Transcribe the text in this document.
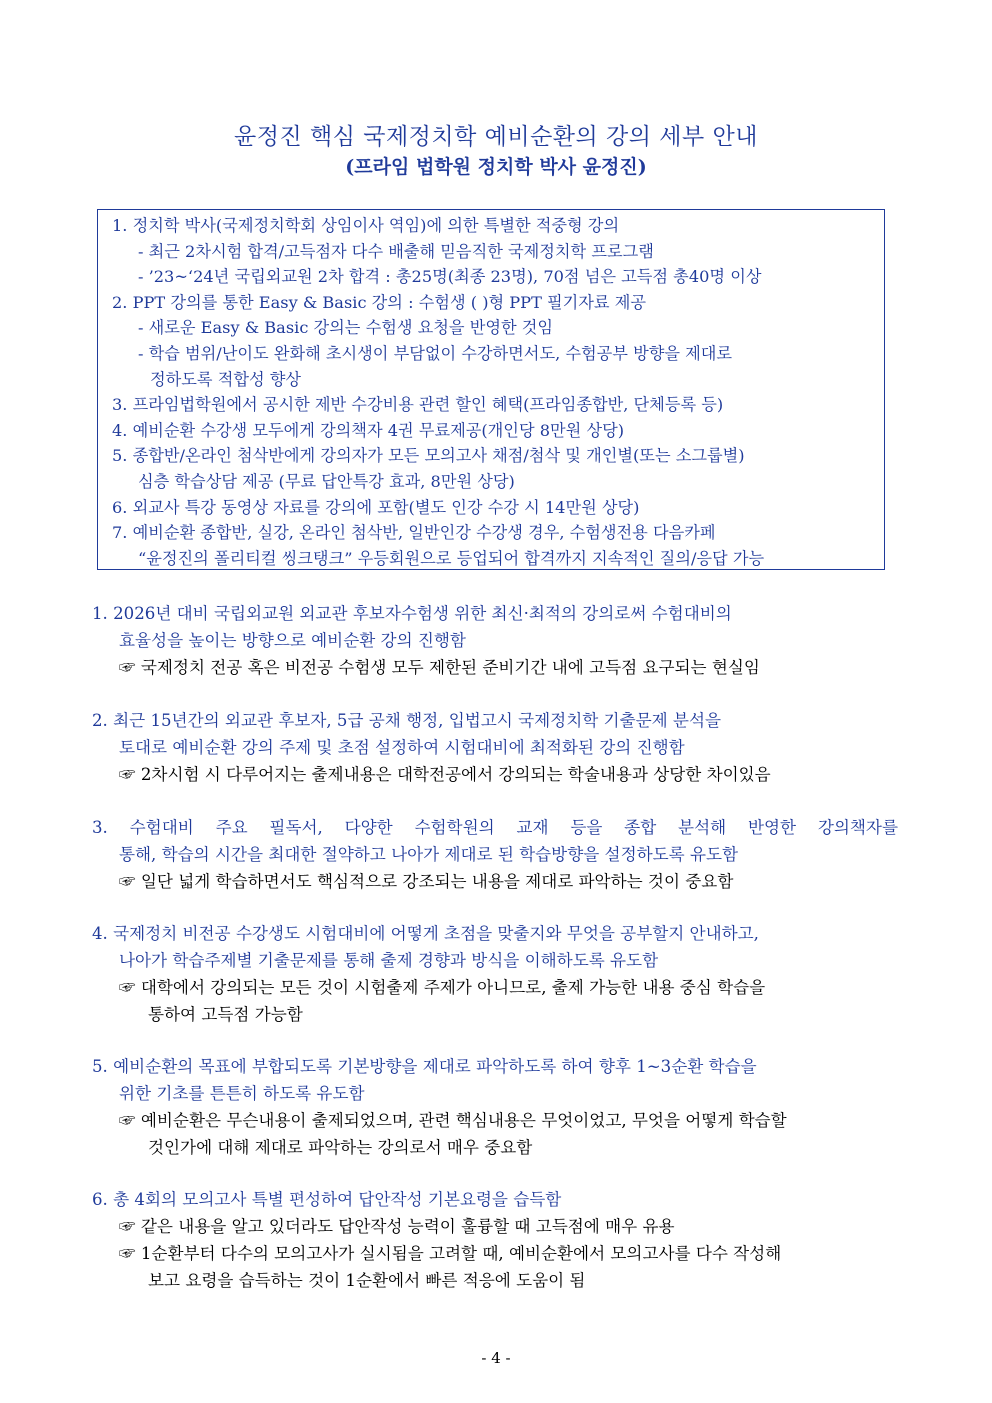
윤정진 핵심 국제정치학 예비순환의 강의 세부 안내
(프라임 법학원 정치학 박사 윤정진)
1. 정치학 박사(국제정치학회 상임이사 역임)에 의한 특별한 적중형 강의
- 최근 2차시험 합격/고득점자 다수 배출해 믿음직한 국제정치학 프로그램
- ’23~‘24년 국립외교원 2차 합격 : 총25명(최종 23명), 70점 넘은 고득점 총40명 이상
2. PPT 강의를 통한 Easy & Basic 강의 : 수험생 ( )형 PPT 필기자료 제공
- 새로운 Easy & Basic 강의는 수험생 요청을 반영한 것임
- 학습 범위/난이도 완화해 초시생이 부담없이 수강하면서도, 수험공부 방향을 제대로
정하도록 적합성 향상
3. 프라임법학원에서 공시한 제반 수강비용 관련 할인 혜택(프라임종합반, 단체등록 등)
4. 예비순환 수강생 모두에게 강의책자 4권 무료제공(개인당 8만원 상당)
5. 종합반/온라인 첨삭반에게 강의자가 모든 모의고사 채점/첨삭 및 개인별(또는 소그룹별)
심층 학습상담 제공 (무료 답안특강 효과, 8만원 상당)
6. 외교사 특강 동영상 자료를 강의에 포함(별도 인강 수강 시 14만원 상당)
7. 예비순환 종합반, 실강, 온라인 첨삭반, 일반인강 수강생 경우, 수험생전용 다음카페
“윤정진의 폴리티컬 씽크탱크” 우등회원으로 등업되어 합격까지 지속적인 질의/응답 가능
1. 2026년 대비 국립외교원 외교관 후보자수험생 위한 최신·최적의 강의로써 수험대비의
효율성을 높이는 방향으로 예비순환 강의 진행함
☞ 국제정치 전공 혹은 비전공 수험생 모두 제한된 준비기간 내에 고득점 요구되는 현실임
2. 최근 15년간의 외교관 후보자, 5급 공채 행정, 입법고시 국제정치학 기출문제 분석을
토대로 예비순환 강의 주제 및 초점 설정하여 시험대비에 최적화된 강의 진행함
☞ 2차시험 시 다루어지는 출제내용은 대학전공에서 강의되는 학술내용과 상당한 차이있음
3. 수험대비 주요 필독서, 다양한 수험학원의 교재 등을 종합 분석해 반영한 강의책자를
통해, 학습의 시간을 최대한 절약하고 나아가 제대로 된 학습방향을 설정하도록 유도함
☞ 일단 넓게 학습하면서도 핵심적으로 강조되는 내용을 제대로 파악하는 것이 중요함
4. 국제정치 비전공 수강생도 시험대비에 어떻게 초점을 맞출지와 무엇을 공부할지 안내하고,
나아가 학습주제별 기출문제를 통해 출제 경향과 방식을 이해하도록 유도함
☞ 대학에서 강의되는 모든 것이 시험출제 주제가 아니므로, 출제 가능한 내용 중심 학습을
통하여 고득점 가능함
5. 예비순환의 목표에 부합되도록 기본방향을 제대로 파악하도록 하여 향후 1~3순환 학습을
위한 기초를 튼튼히 하도록 유도함
☞ 예비순환은 무슨내용이 출제되었으며, 관련 핵심내용은 무엇이었고, 무엇을 어떻게 학습할
것인가에 대해 제대로 파악하는 강의로서 매우 중요함
6. 총 4회의 모의고사 특별 편성하여 답안작성 기본요령을 습득함
☞ 같은 내용을 알고 있더라도 답안작성 능력이 훌륭할 때 고득점에 매우 유용
☞ 1순환부터 다수의 모의고사가 실시됨을 고려할 때, 예비순환에서 모의고사를 다수 작성해
보고 요령을 습득하는 것이 1순환에서 빠른 적응에 도움이 됨
- 4 -
